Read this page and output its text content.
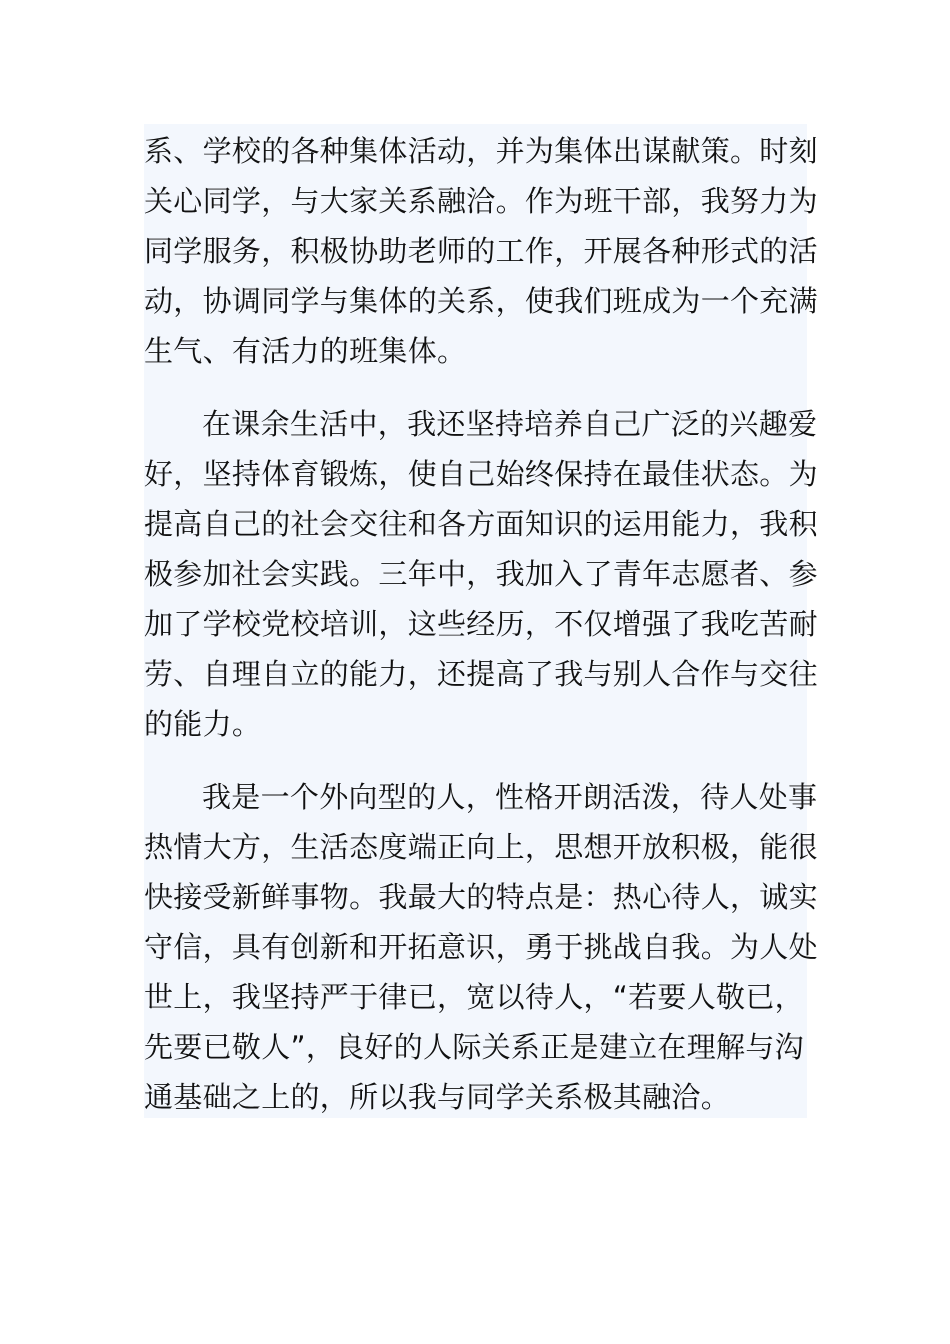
系、学校的各种集体活动，并为集体出谋献策。时刻
关心同学，与大家关系融洽。作为班干部，我努力为
同学服务，积极协助老师的工作，开展各种形式的活
动，协调同学与集体的关系，使我们班成为一个充满
生气、有活力的班集体。
在课余生活中，我还坚持培养自己广泛的兴趣爱
好，坚持体育锻炼，使自己始终保持在最佳状态。为
提高自己的社会交往和各方面知识的运用能力，我积
极参加社会实践。三年中，我加入了青年志愿者、参
加了学校党校培训，这些经历，不仅增强了我吃苦耐
劳、自理自立的能力，还提高了我与别人合作与交往
的能力。
我是一个外向型的人，性格开朗活泼，待人处事
热情大方，生活态度端正向上，思想开放积极，能很
快接受新鲜事物。我最大的特点是：热心待人，诚实
守信，具有创新和开拓意识，勇于挑战自我。为人处
世上，我坚持严于律已，宽以待人，“若要人敬已，
先要已敬人”，良好的人际关系正是建立在理解与沟
通基础之上的，所以我与同学关系极其融洽。
